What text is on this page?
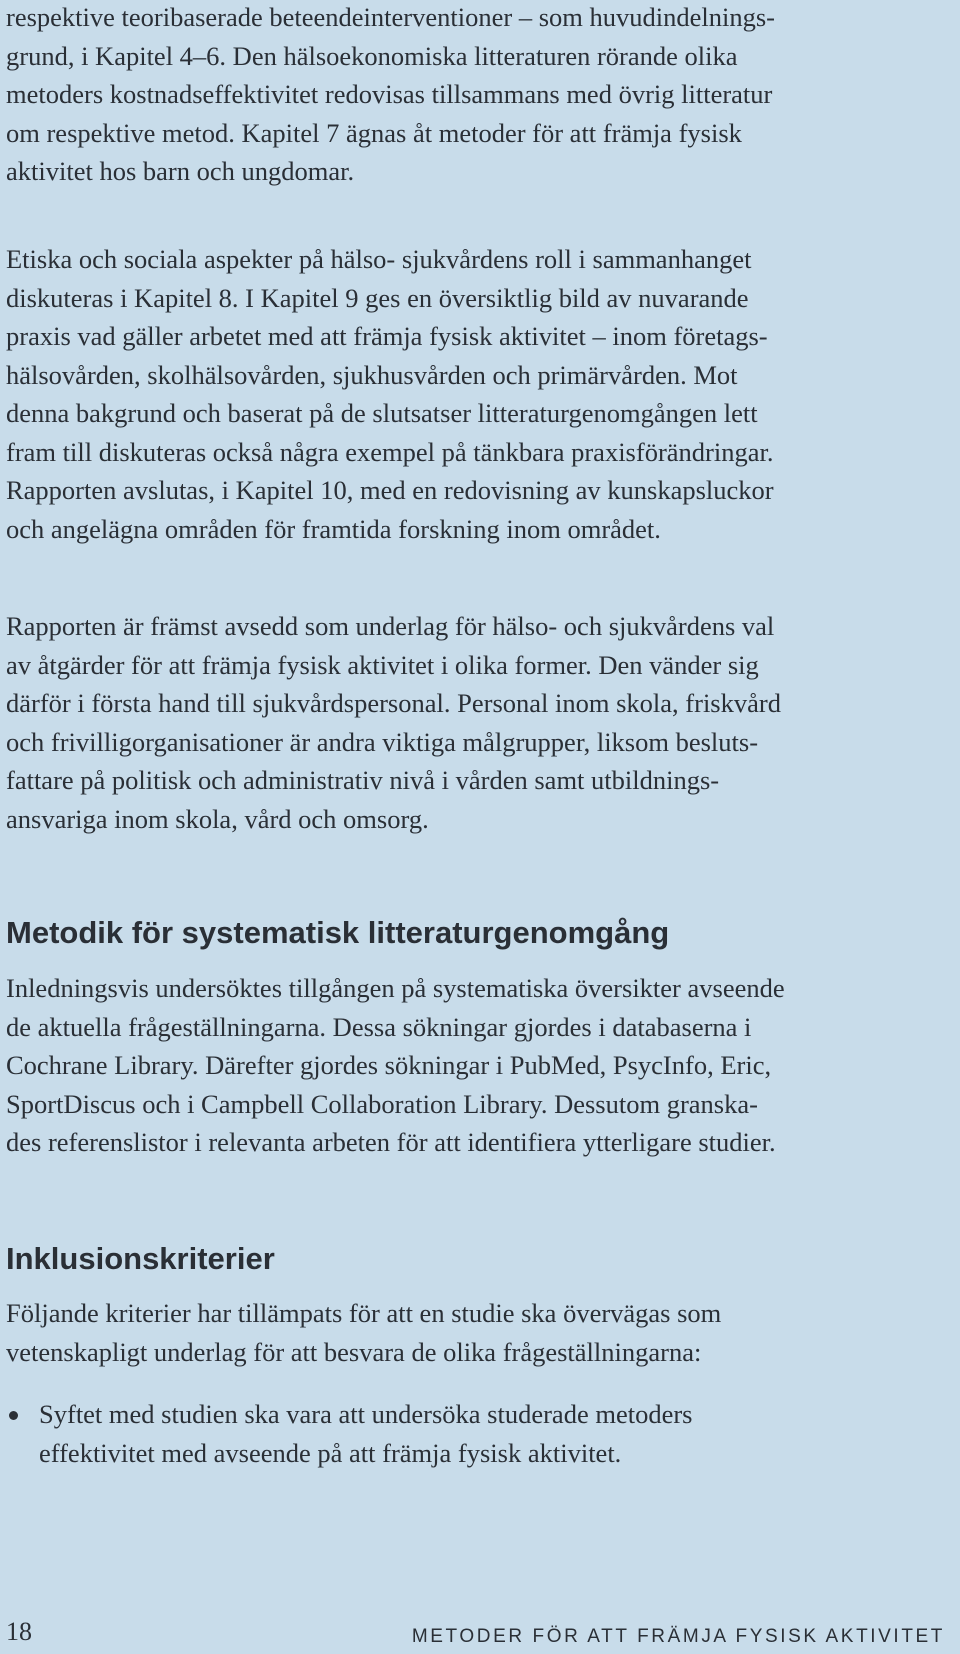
respektive teoribaserade beteendeinterventioner – som huvudindelnings-
grund, i Kapitel 4–6. Den hälsoekonomiska litteraturen rörande olika
metoders kostnadseffektivitet redovisas tillsammans med övrig litteratur
om respektive metod. Kapitel 7 ägnas åt metoder för att främja fysisk
aktivitet hos barn och ungdomar.
Etiska och sociala aspekter på hälso- sjukvårdens roll i sammanhanget
diskuteras i Kapitel 8. I Kapitel 9 ges en översiktlig bild av nuvarande
praxis vad gäller arbetet med att främja fysisk aktivitet – inom företags-
hälsovården, skolhälsovården, sjukhusvården och primärvården. Mot
denna bakgrund och baserat på de slutsatser litteraturgenomgången lett
fram till diskuteras också några exempel på tänkbara praxisförändringar.
Rapporten avslutas, i Kapitel 10, med en redovisning av kunskapsluckor
och angelägna områden för framtida forskning inom området.
Rapporten är främst avsedd som underlag för hälso- och sjukvårdens val
av åtgärder för att främja fysisk aktivitet i olika former. Den vänder sig
därför i första hand till sjukvårdspersonal. Personal inom skola, friskvård
och frivilligorganisationer är andra viktiga målgrupper, liksom besluts-
fattare på politisk och administrativ nivå i vården samt utbildnings-
ansvariga inom skola, vård och omsorg.
Metodik för systematisk litteraturgenomgång
Inledningsvis undersöktes tillgången på systematiska översikter avseende
de aktuella frågeställningarna. Dessa sökningar gjordes i databaserna i
Cochrane Library. Därefter gjordes sökningar i PubMed, PsycInfo, Eric,
SportDiscus och i Campbell Collaboration Library. Dessutom granska-
des referenslistor i relevanta arbeten för att identifiera ytterligare studier.
Inklusionskriterier
Följande kriterier har tillämpats för att en studie ska övervägas som
vetenskapligt underlag för att besvara de olika frågeställningarna:
Syftet med studien ska vara att undersöka studerade metoders
effektivitet med avseende på att främja fysisk aktivitet.
18	METODER FÖR ATT FRÄMJA FYSISK AKTIVITET
